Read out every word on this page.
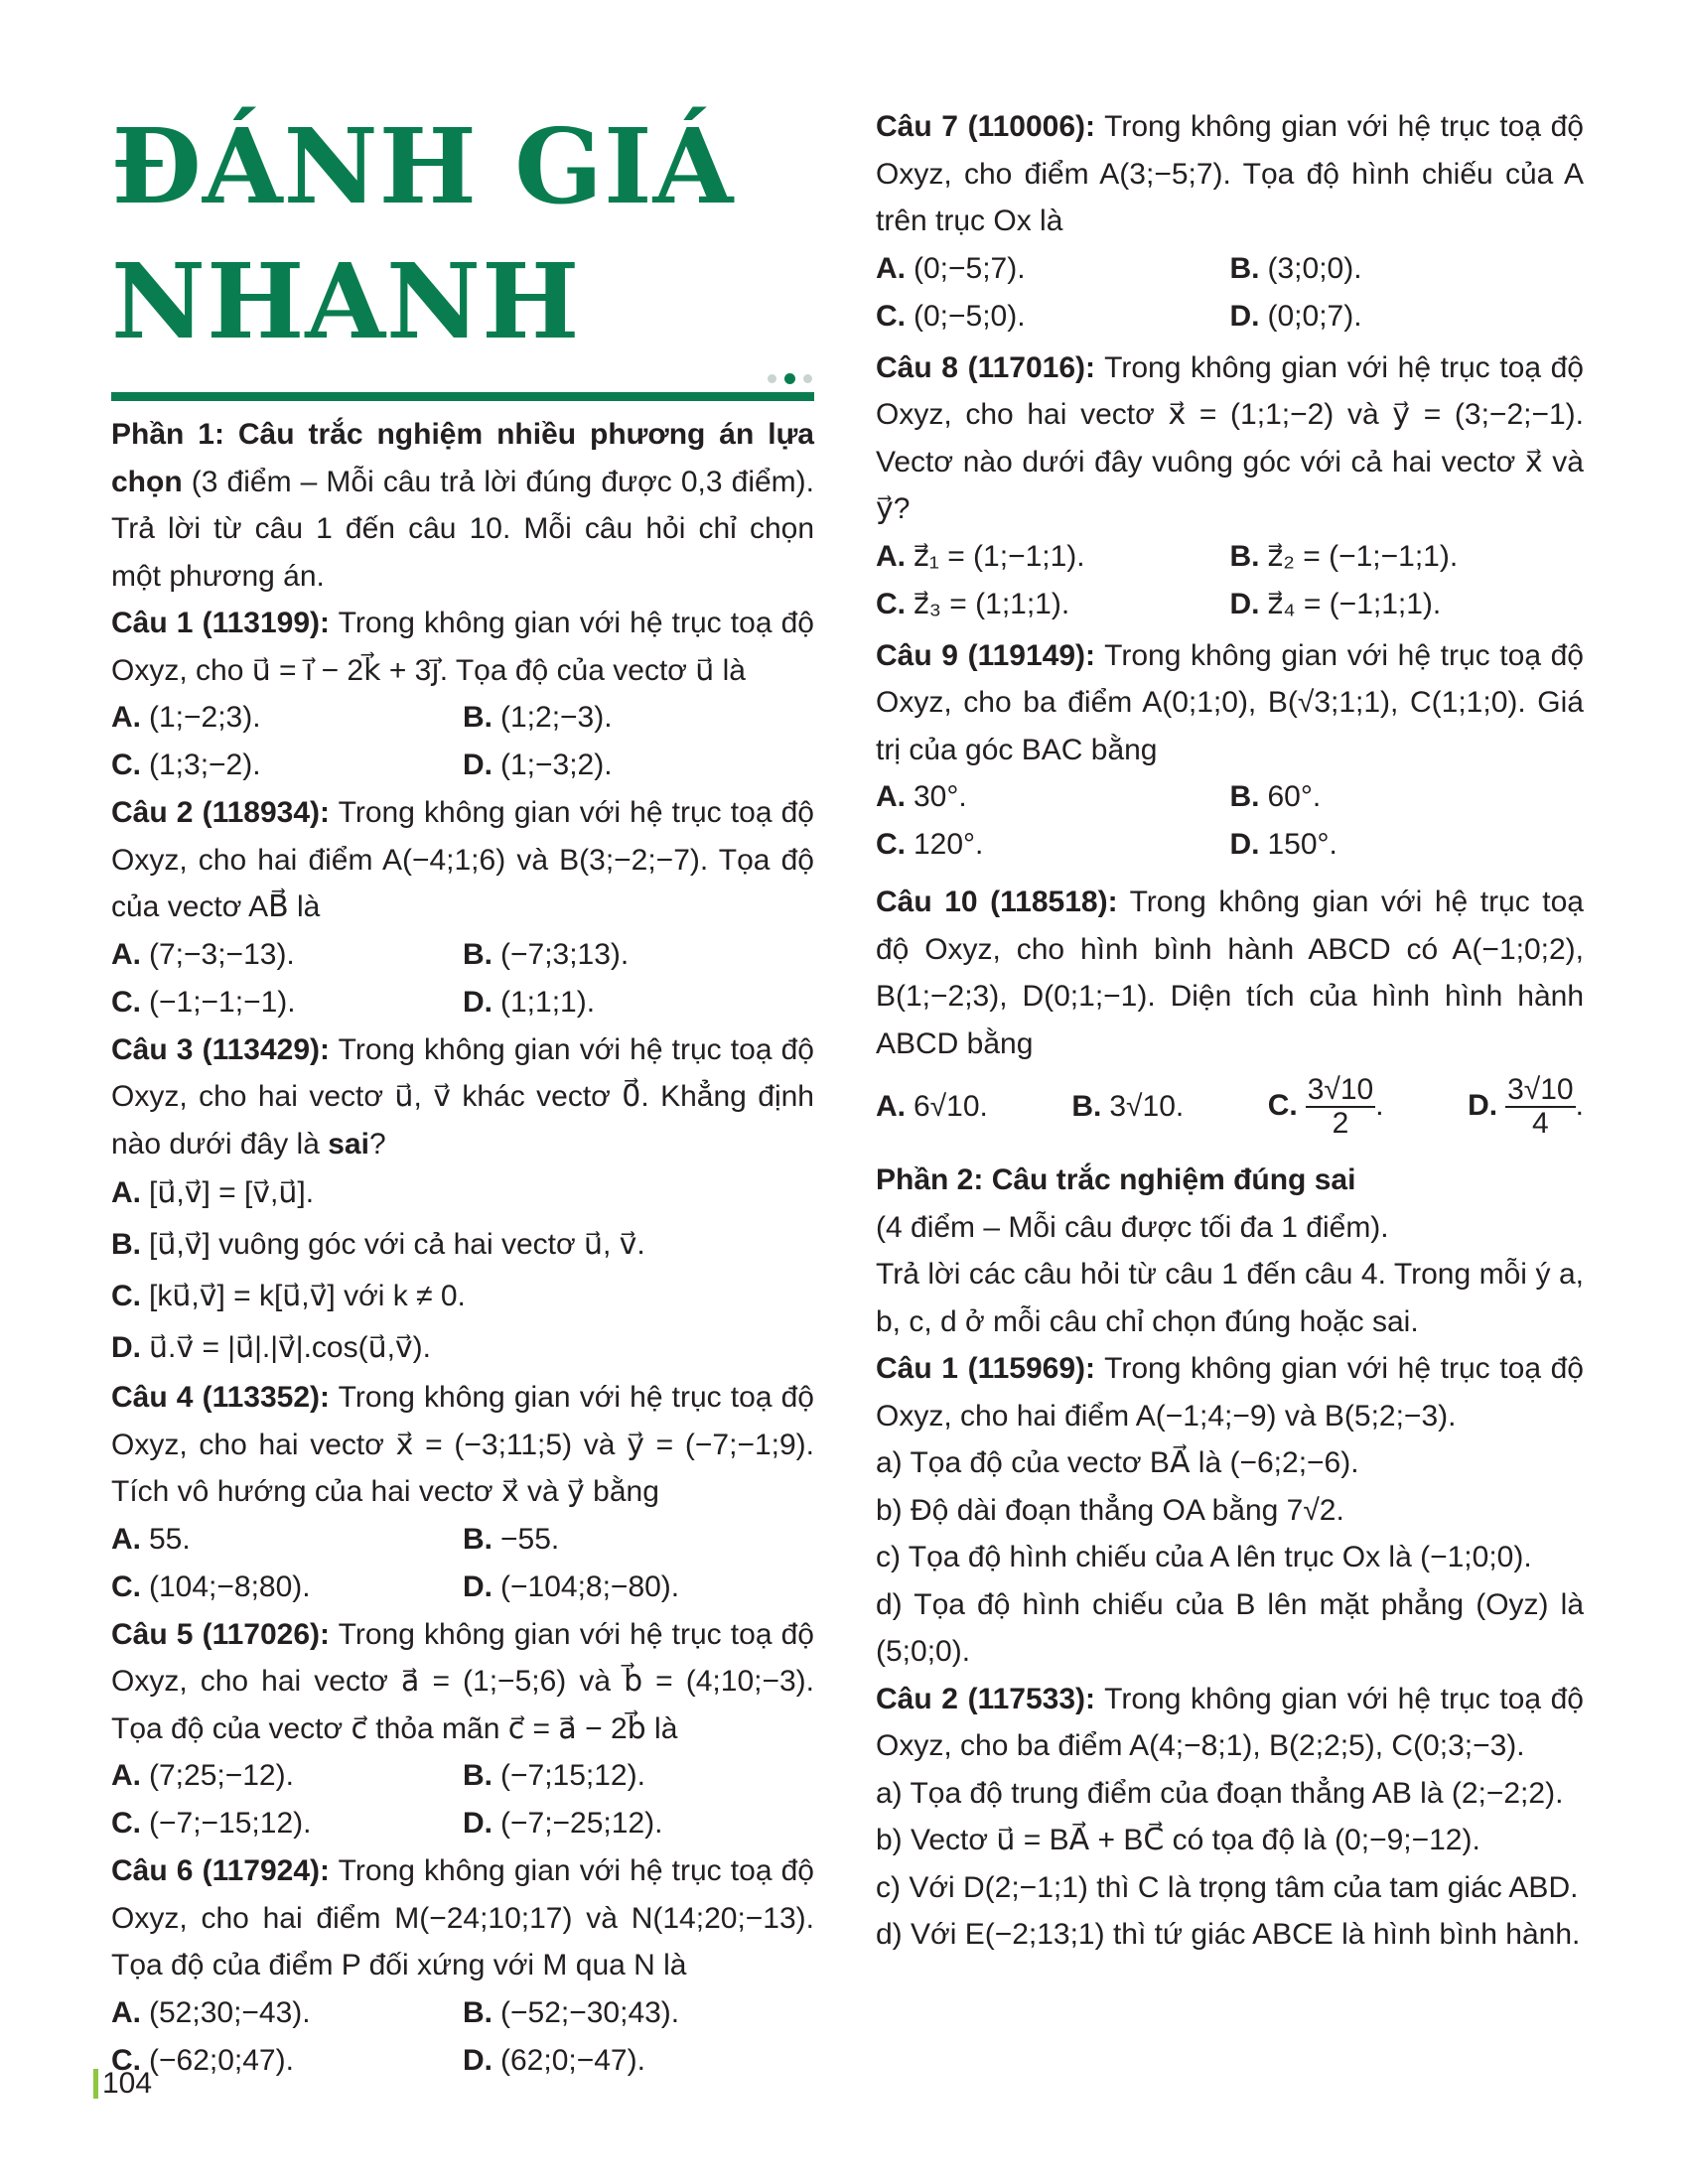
ĐÁNH GIÁ
NHANH

Phần 1: Câu trắc nghiệm nhiều phương án lựa chọn (3 điểm – Mỗi câu trả lời đúng được 0,3 điểm). Trả lời từ câu 1 đến câu 10. Mỗi câu hỏi chỉ chọn một phương án.

Câu 1 (113199): Trong không gian với hệ trục toạ độ Oxyz, cho u⃗ = i⃗ − 2k⃗ + 3j⃗. Tọa độ của vectơ u⃗ là

A. (1;−2;3).	B. (1;2;−3).
C. (1;3;−2).	D. (1;−3;2).

Câu 2 (118934): Trong không gian với hệ trục toạ độ Oxyz, cho hai điểm A(−4;1;6) và B(3;−2;−7). Tọa độ của vectơ AB⃗ là

A. (7;−3;−13).	B. (−7;3;13).
C. (−1;−1;−1).	D. (1;1;1).

Câu 3 (113429): Trong không gian với hệ trục toạ độ Oxyz, cho hai vectơ u⃗, v⃗ khác vectơ 0⃗. Khẳng định nào dưới đây là sai?

A. [u⃗,v⃗] = [v⃗,u⃗].
B. [u⃗,v⃗] vuông góc với cả hai vectơ u⃗, v⃗.
C. [ku⃗,v⃗] = k[u⃗,v⃗] với k ≠ 0.
D. u⃗.v⃗ = |u⃗|.|v⃗|.cos(u⃗,v⃗).

Câu 4 (113352): Trong không gian với hệ trục toạ độ Oxyz, cho hai vectơ x⃗ = (−3;11;5) và y⃗ = (−7;−1;9). Tích vô hướng của hai vectơ x⃗ và y⃗ bằng

A. 55.	B. −55.
C. (104;−8;80).	D. (−104;8;−80).

Câu 5 (117026): Trong không gian với hệ trục toạ độ Oxyz, cho hai vectơ a⃗ = (1;−5;6) và b⃗ = (4;10;−3). Tọa độ của vectơ c⃗ thỏa mãn c⃗ = a⃗ − 2b⃗ là

A. (7;25;−12).	B. (−7;15;12).
C. (−7;−15;12).	D. (−7;−25;12).

Câu 6 (117924): Trong không gian với hệ trục toạ độ Oxyz, cho hai điểm M(−24;10;17) và N(14;20;−13). Tọa độ của điểm P đối xứng với M qua N là

A. (52;30;−43).	B. (−52;−30;43).
C. (−62;0;47).	D. (62;0;−47).

Câu 7 (110006): Trong không gian với hệ trục toạ độ Oxyz, cho điểm A(3;−5;7). Tọa độ hình chiếu của A trên trục Ox là

A. (0;−5;7).	B. (3;0;0).
C. (0;−5;0).	D. (0;0;7).

Câu 8 (117016): Trong không gian với hệ trục toạ độ Oxyz, cho hai vectơ x⃗ = (1;1;−2) và y⃗ = (3;−2;−1). Vectơ nào dưới đây vuông góc với cả hai vectơ x⃗ và y⃗?

A. z⃗₁ = (1;−1;1).	B. z⃗₂ = (−1;−1;1).
C. z⃗₃ = (1;1;1).	D. z⃗₄ = (−1;1;1).

Câu 9 (119149): Trong không gian với hệ trục toạ độ Oxyz, cho ba điểm A(0;1;0), B(√3;1;1), C(1;1;0). Giá trị của góc BAC bằng

A. 30°.	B. 60°.
C. 120°.	D. 150°.

Câu 10 (118518): Trong không gian với hệ trục toạ độ Oxyz, cho hình bình hành ABCD có A(−1;0;2), B(1;−2;3), D(0;1;−1). Diện tích của hình hình hành ABCD bằng

A. 6√10.	B. 3√10.	C. $\frac{3√10}{2}$ .	D. $\frac{3√10}{4}$ .

Phần 2: Câu trắc nghiệm đúng sai

(4 điểm – Mỗi câu được tối đa 1 điểm).

Trả lời các câu hỏi từ câu 1 đến câu 4. Trong mỗi ý a, b, c, d ở mỗi câu chỉ chọn đúng hoặc sai.

Câu 1 (115969): Trong không gian với hệ trục toạ độ Oxyz, cho hai điểm A(−1;4;−9) và B(5;2;−3).

a) Tọa độ của vectơ BA⃗ là (−6;2;−6).

b) Độ dài đoạn thẳng OA bằng 7√2.

c) Tọa độ hình chiếu của A lên trục Ox là (−1;0;0).

d) Tọa độ hình chiếu của B lên mặt phẳng (Oyz) là (5;0;0).

Câu 2 (117533): Trong không gian với hệ trục toạ độ Oxyz, cho ba điểm A(4;−8;1), B(2;2;5), C(0;3;−3).

a) Tọa độ trung điểm của đoạn thẳng AB là (2;−2;2).

b) Vectơ u⃗ = BA⃗ + BC⃗ có tọa độ là (0;−9;−12).

c) Với D(2;−1;1) thì C là trọng tâm của tam giác ABD.

d) Với E(−2;13;1) thì tứ giác ABCE là hình bình hành.

104
